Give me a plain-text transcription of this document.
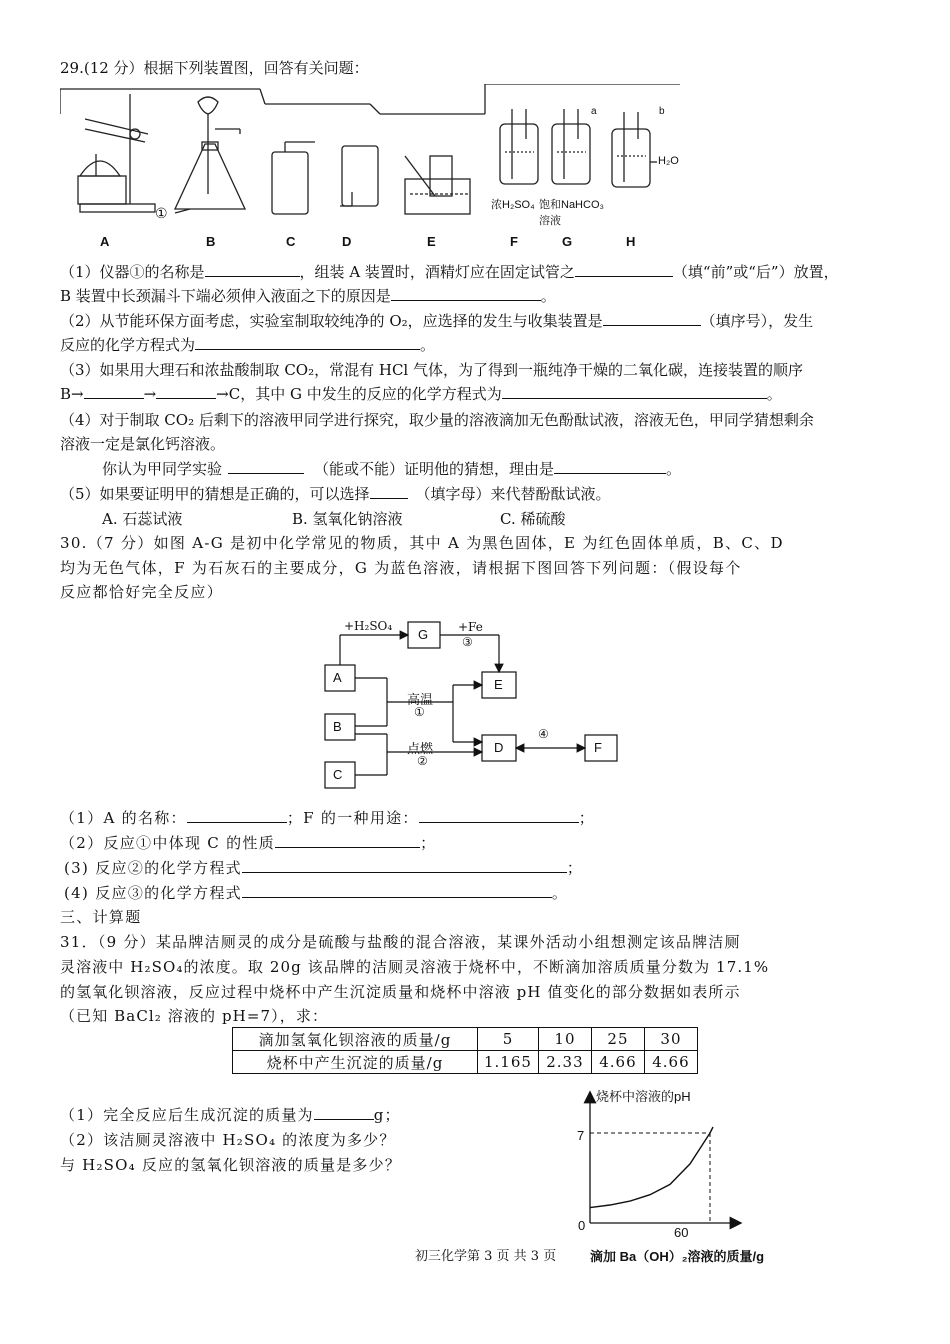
29.(12 分）根据下列装置图，回答有关问题：
①
浓H₂SO₄ 饱和NaHCO₃
溶液
H₂O
a	b
A	B	C	D	E	F	G	H
（1）仪器①的名称是	，组装 A 装置时，酒精灯应在固定试管之	（填“前”或“后”）放置，
B 装置中长颈漏斗下端必须伸入液面之下的原因是	。
（2）从节能环保方面考虑，实验室制取较纯净的 O₂，应选择的发生与收集装置是	（填序号），发生
反应的化学方程式为	。
（3）如果用大理石和浓盐酸制取 CO₂，常混有 HCl 气体，为了得到一瓶纯净干燥的二氧化碳，连接装置的顺序
B→	→	→C，其中 G 中发生的反应的化学方程式为	。
（4）对于制取 CO₂ 后剩下的溶液甲同学进行探究，取少量的溶液滴加无色酚酞试液，溶液无色，甲同学猜想剩余
溶液一定是氯化钙溶液。
你认为甲同学实验	（能或不能）证明他的猜想，理由是	。
（5）如果要证明甲的猜想是正确的，可以选择	（填字母）来代替酚酞试液。
A. 石蕊试液	B. 氢氧化钠溶液	C. 稀硫酸
30.（7 分）如图 A-G 是初中化学常见的物质，其中 A 为黑色固体，E 为红色固体单质，B、C、D
均为无色气体，F 为石灰石的主要成分，G 为蓝色溶液，请根据下图回答下列问题：（假设每个
反应都恰好完全反应）
A
B
C
G
E
D	F
+H₂SO₄	+Fe
③
高温
①
点燃
②
④
（1）A 的名称：	；F 的一种用途：	；
（2）反应①中体现 C 的性质	；
(3) 反应②的化学方程式	；
(4) 反应③的化学方程式	。
三、计算题
31．（9 分）某品牌洁厕灵的成分是硫酸与盐酸的混合溶液，某课外活动小组想测定该品牌洁厕
灵溶液中 H₂SO₄的浓度。取 20g 该品牌的洁厕灵溶液于烧杯中，不断滴加溶质质量分数为 17.1%
的氢氧化钡溶液，反应过程中烧杯中产生沉淀质量和烧杯中溶液 pH 值变化的部分数据如表所示
（已知 BaCl₂ 溶液的 pH=7），求：
滴加氢氧化钡溶液的质量/g	5	10	25	30
烧杯中产生沉淀的质量/g	1.165	2.33	4.66	4.66
（1）完全反应后生成沉淀的质量为	g；
（2）该洁厕灵溶液中 H₂SO₄ 的浓度为多少？
与 H₂SO₄ 反应的氢氧化钡溶液的质量是多少？
烧杯中溶液的pH
7
0	60
滴加 Ba（OH）₂溶液的质量/g
初三化学第 3 页 共 3 页
